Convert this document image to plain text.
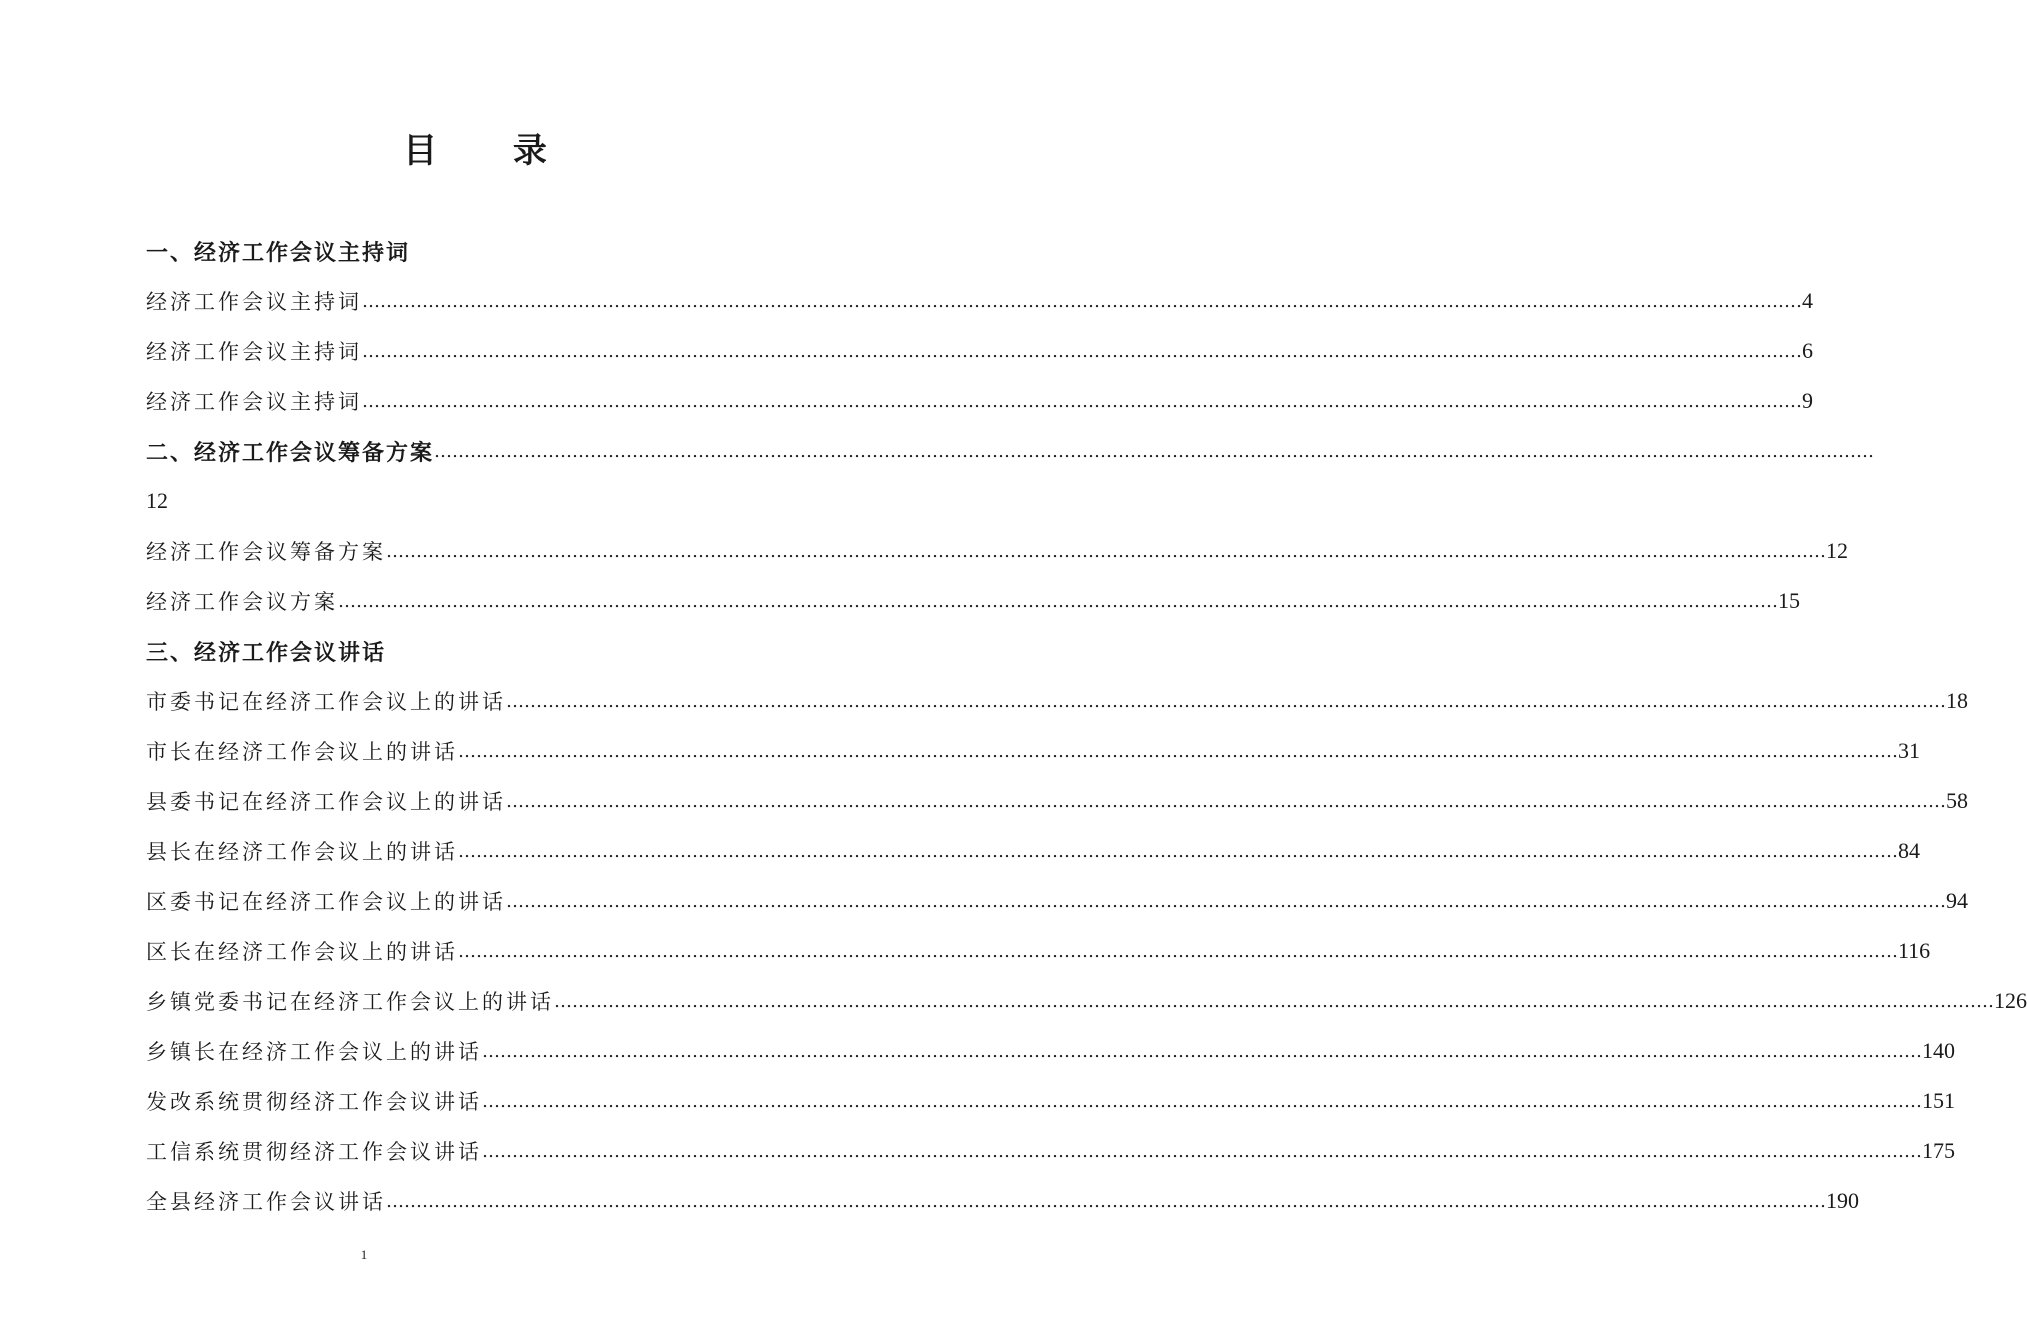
目 录
一、经济工作会议主持词
经济工作会议主持词 …………………………………………………………………………………………………………………………………………………………………………………………………………………… 4
经济工作会议主持词 …………………………………………………………………………………………………………………………………………………………………………………………………………………… 6
经济工作会议主持词 …………………………………………………………………………………………………………………………………………………………………………………………………………………… 9
二、经济工作会议筹备方案 ……………………………………………………………………………………………………………………………………………………………………………………………………………………
12
经济工作会议筹备方案 …………………………………………………………………………………………………………………………………………………………………………………………………………………… 12
经济工作会议方案 …………………………………………………………………………………………………………………………………………………………………………………………………………………… 15
三、经济工作会议讲话
市委书记在经济工作会议上的讲话 …………………………………………………………………………………………………………………………………………………………………………………………………………………… 18
市长在经济工作会议上的讲话 …………………………………………………………………………………………………………………………………………………………………………………………………………………… 31
县委书记在经济工作会议上的讲话 …………………………………………………………………………………………………………………………………………………………………………………………………………………… 58
县长在经济工作会议上的讲话 …………………………………………………………………………………………………………………………………………………………………………………………………………………… 84
区委书记在经济工作会议上的讲话 …………………………………………………………………………………………………………………………………………………………………………………………………………………… 94
区长在经济工作会议上的讲话 …………………………………………………………………………………………………………………………………………………………………………………………………………………… 116
乡镇党委书记在经济工作会议上的讲话 …………………………………………………………………………………………………………………………………………………………………………………………………………………… 126
乡镇长在经济工作会议上的讲话 …………………………………………………………………………………………………………………………………………………………………………………………………………………… 140
发改系统贯彻经济工作会议讲话 …………………………………………………………………………………………………………………………………………………………………………………………………………………… 151
工信系统贯彻经济工作会议讲话 …………………………………………………………………………………………………………………………………………………………………………………………………………………… 175
全县经济工作会议讲话 …………………………………………………………………………………………………………………………………………………………………………………………………………………… 190
1
